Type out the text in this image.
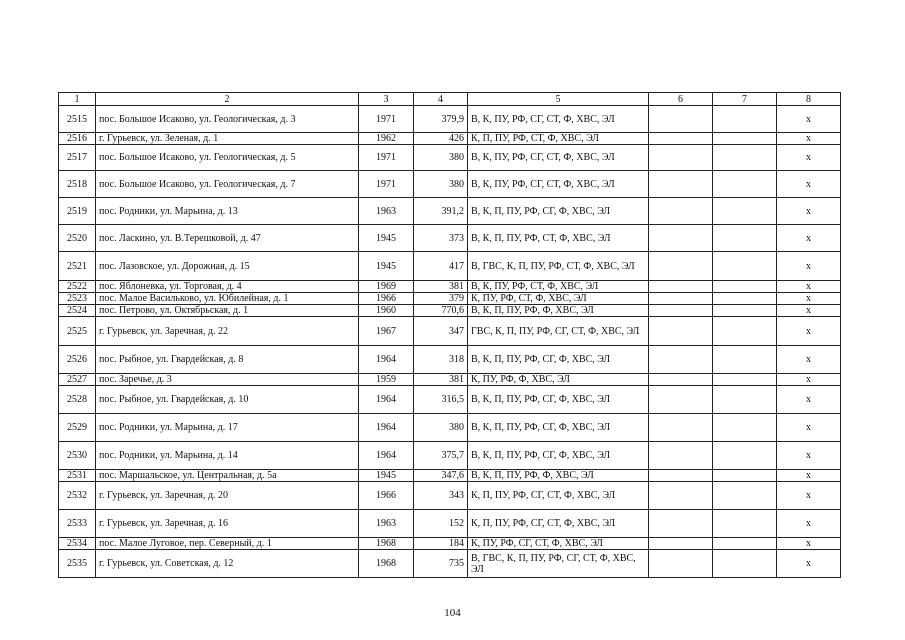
1	2	3	4	5	6	7	8
2515	пос. Большое Исаково, ул. Геологическая, д. 3	1971	379,9	В, К, ПУ, РФ, СГ, СТ, Ф, ХВС, ЭЛ			х
2516	г. Гурьевск, ул. Зеленая, д. 1	1962	426	К, П, ПУ, РФ, СТ, Ф, ХВС, ЭЛ			х
2517	пос. Большое Исаково, ул. Геологическая, д. 5	1971	380	В, К, ПУ, РФ, СГ, СТ, Ф, ХВС, ЭЛ			х
2518	пос. Большое Исаково, ул. Геологическая, д. 7	1971	380	В, К, ПУ, РФ, СГ, СТ, Ф, ХВС, ЭЛ			х
2519	пос. Родники, ул. Марьина, д. 13	1963	391,2	В, К, П, ПУ, РФ, СГ, Ф, ХВС, ЭЛ			х
2520	пос. Ласкино, ул. В.Терешковой, д. 47	1945	373	В, К, П, ПУ, РФ, СТ, Ф, ХВС, ЭЛ			х
2521	пос. Лазовское, ул. Дорожная, д. 15	1945	417	В, ГВС, К, П, ПУ, РФ, СТ, Ф, ХВС, ЭЛ			х
2522	пос. Яблоневка, ул. Торговая, д. 4	1969	381	В, К, ПУ, РФ, СТ, Ф, ХВС, ЭЛ			х
2523	пос. Малое Васильково, ул. Юбилейная, д. 1	1966	379	К, ПУ, РФ, СТ, Ф, ХВС, ЭЛ			х
2524	пос. Петрово, ул. Октябрьская, д. 1	1960	770,6	В, К, П, ПУ, РФ, Ф, ХВС, ЭЛ			х
2525	г. Гурьевск, ул. Заречная, д. 22	1967	347	ГВС, К, П, ПУ, РФ, СГ, СТ, Ф, ХВС, ЭЛ			х
2526	пос. Рыбное, ул. Гвардейская, д. 8	1964	318	В, К, П, ПУ, РФ, СГ, Ф, ХВС, ЭЛ			х
2527	пос. Заречье, д. 3	1959	381	К, ПУ, РФ, Ф, ХВС, ЭЛ			х
2528	пос. Рыбное, ул. Гвардейская, д. 10	1964	316,5	В, К, П, ПУ, РФ, СГ, Ф, ХВС, ЭЛ			х
2529	пос. Родники, ул. Марьина, д. 17	1964	380	В, К, П, ПУ, РФ, СГ, Ф, ХВС, ЭЛ			х
2530	пос. Родники, ул. Марьина, д. 14	1964	375,7	В, К, П, ПУ, РФ, СГ, Ф, ХВС, ЭЛ			х
2531	пос. Маршальское, ул. Центральная, д. 5а	1945	347,6	В, К, П, ПУ, РФ, Ф, ХВС, ЭЛ			х
2532	г. Гурьевск, ул. Заречная, д. 20	1966	343	К, П, ПУ, РФ, СГ, СТ, Ф, ХВС, ЭЛ			х
2533	г. Гурьевск, ул. Заречная, д. 16	1963	152	К, П, ПУ, РФ, СГ, СТ, Ф, ХВС, ЭЛ			х
2534	пос. Малое Луговое, пер. Северный, д. 1	1968	184	К, ПУ, РФ, СГ, СТ, Ф, ХВС, ЭЛ			х
2535	г. Гурьевск, ул. Советская, д. 12	1968	735	В, ГВС, К, П, ПУ, РФ, СГ, СТ, Ф, ХВС, ЭЛ			х
104
